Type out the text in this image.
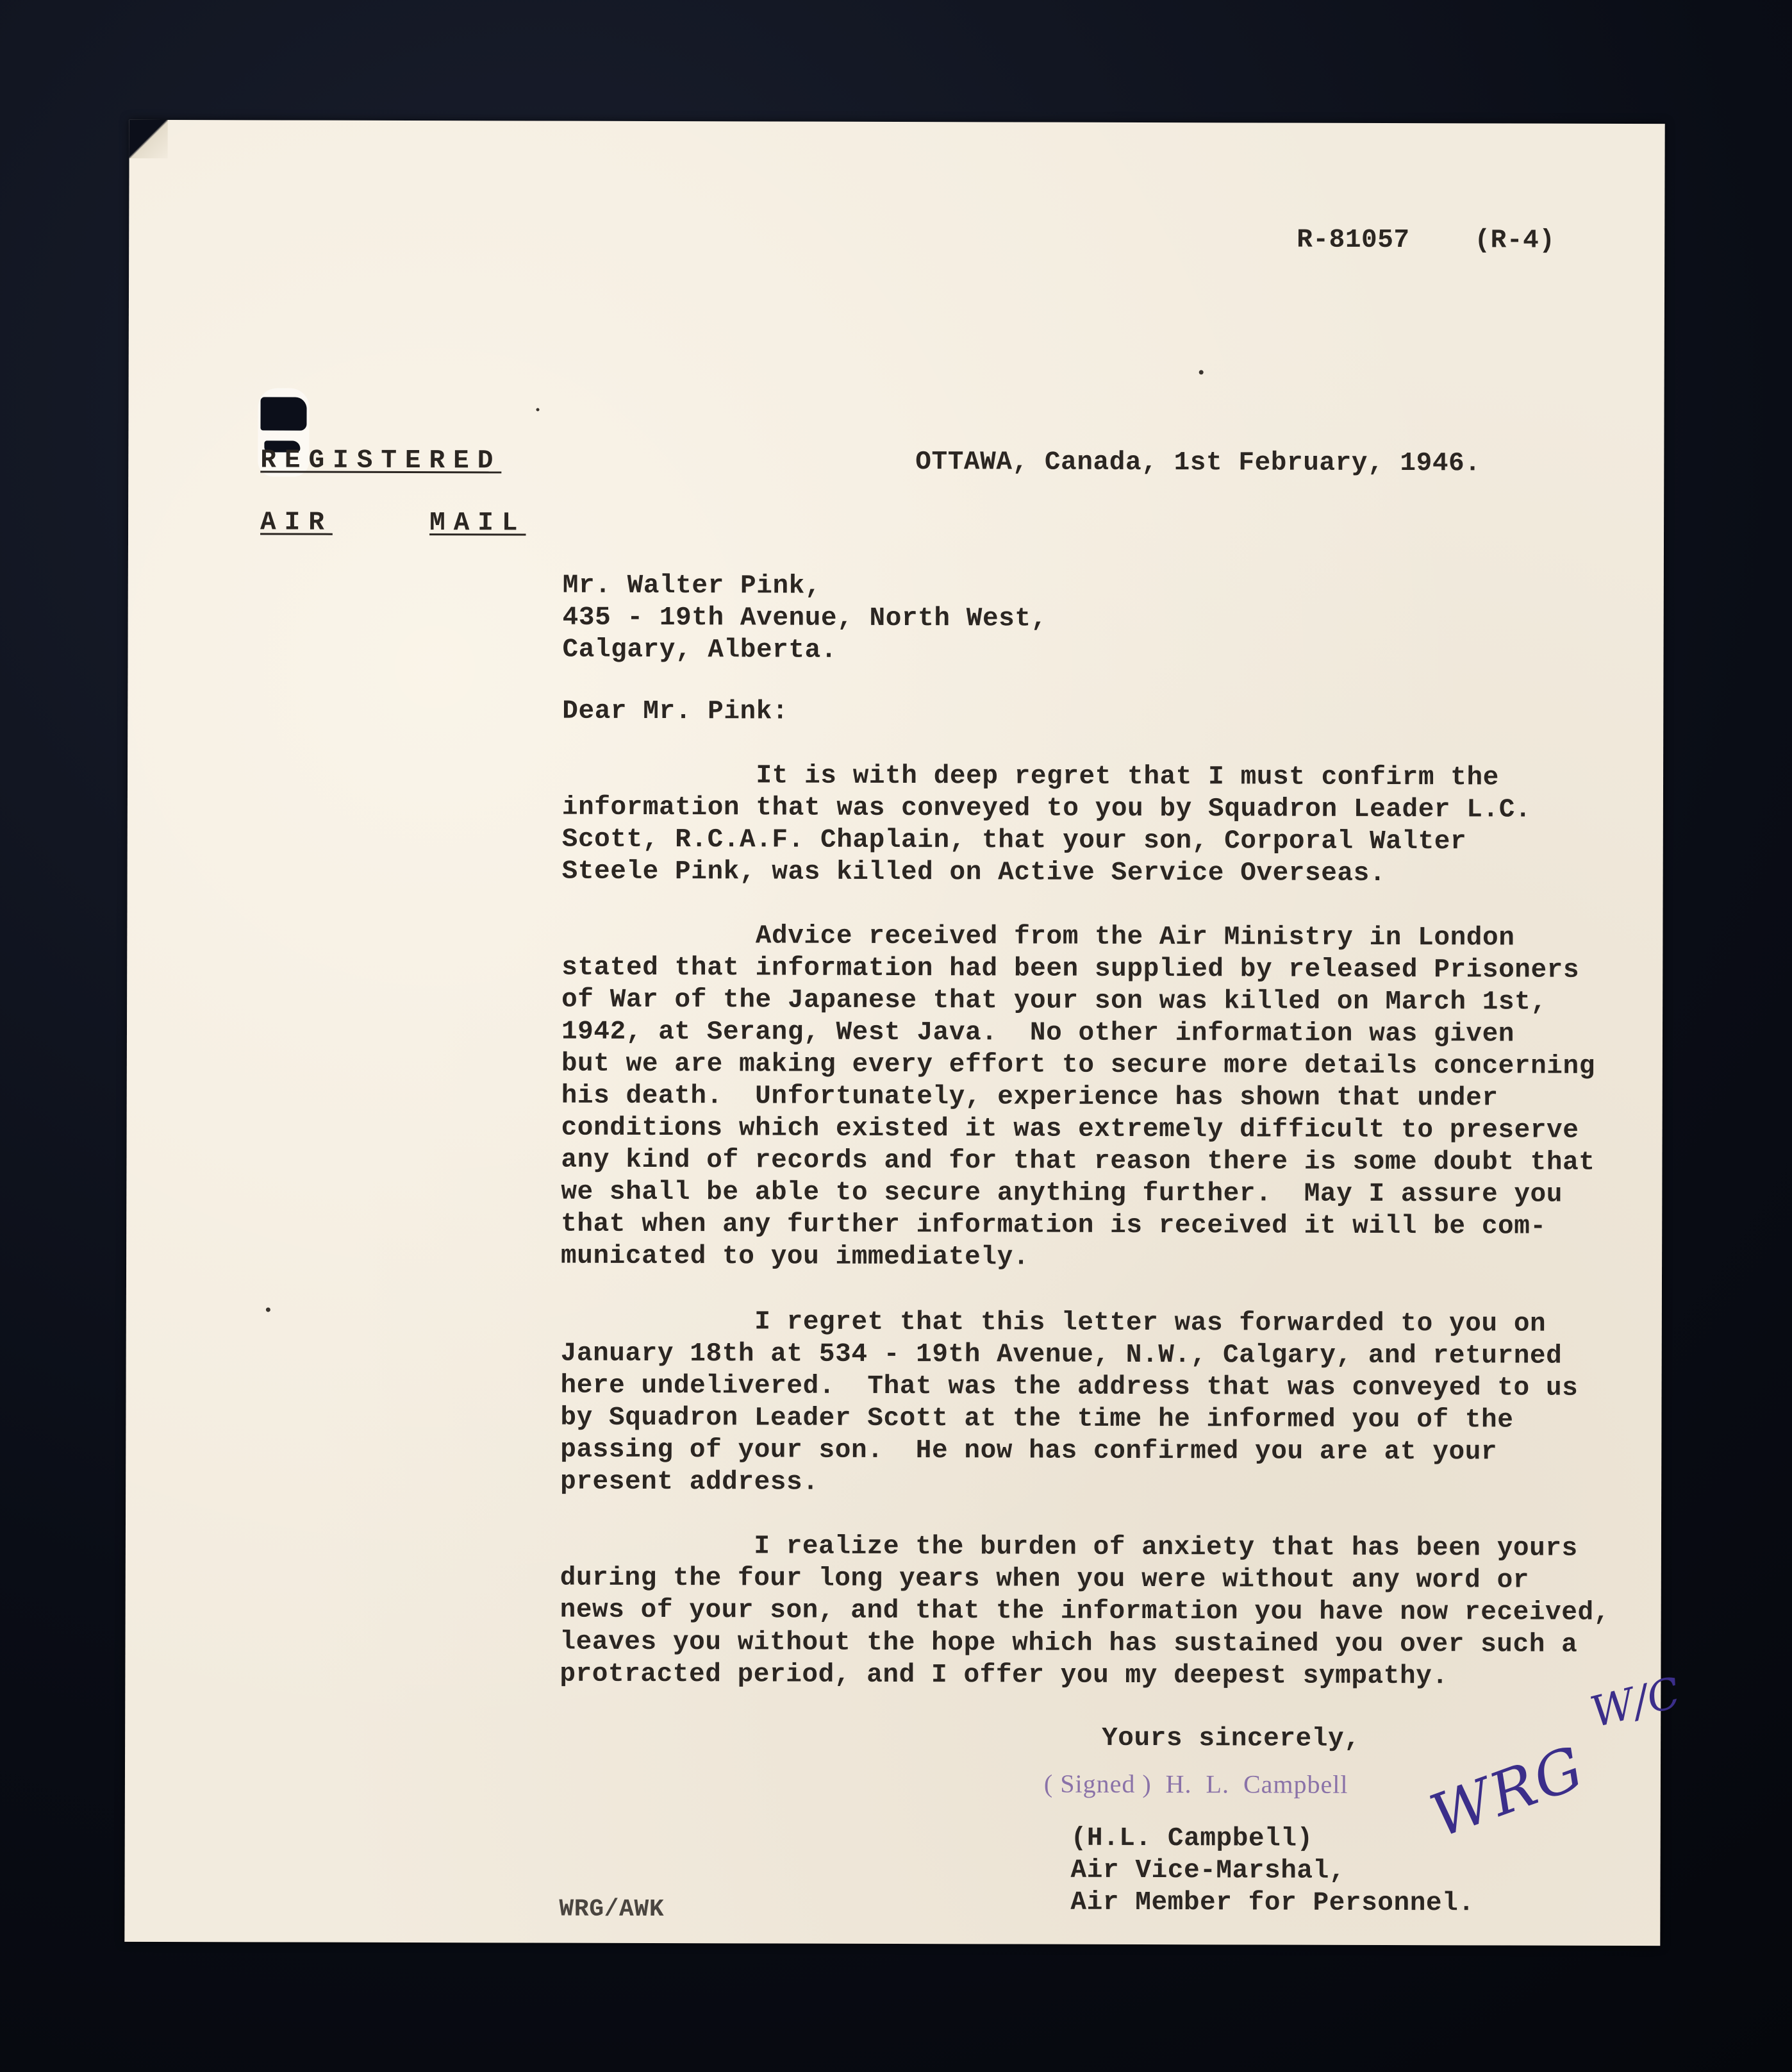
R-81057    (R-4)
REGISTERED
AIR	MAIL
OTTAWA, Canada, 1st February, 1946.
Mr. Walter Pink,
435 - 19th Avenue, North West,
Calgary, Alberta.
Dear Mr. Pink:
It is with deep regret that I must confirm the
information that was conveyed to you by Squadron Leader L.C.
Scott, R.C.A.F. Chaplain, that your son, Corporal Walter
Steele Pink, was killed on Active Service Overseas.
Advice received from the Air Ministry in London
stated that information had been supplied by released Prisoners
of War of the Japanese that your son was killed on March 1st,
1942, at Serang, West Java.  No other information was given
but we are making every effort to secure more details concerning
his death.  Unfortunately, experience has shown that under
conditions which existed it was extremely difficult to preserve
any kind of records and for that reason there is some doubt that
we shall be able to secure anything further.  May I assure you
that when any further information is received it will be com-
municated to you immediately.
I regret that this letter was forwarded to you on
January 18th at 534 - 19th Avenue, N.W., Calgary, and returned
here undelivered.  That was the address that was conveyed to us
by Squadron Leader Scott at the time he informed you of the
passing of your son.  He now has confirmed you are at your
present address.
I realize the burden of anxiety that has been yours
during the four long years when you were without any word or
news of your son, and that the information you have now received,
leaves you without the hope which has sustained you over such a
protracted period, and I offer you my deepest sympathy.
Yours sincerely,
( Signed )  H.  L.  Campbell
(H.L. Campbell)
Air Vice-Marshal,
Air Member for Personnel.
WRG/AWK
WRG
W/C
